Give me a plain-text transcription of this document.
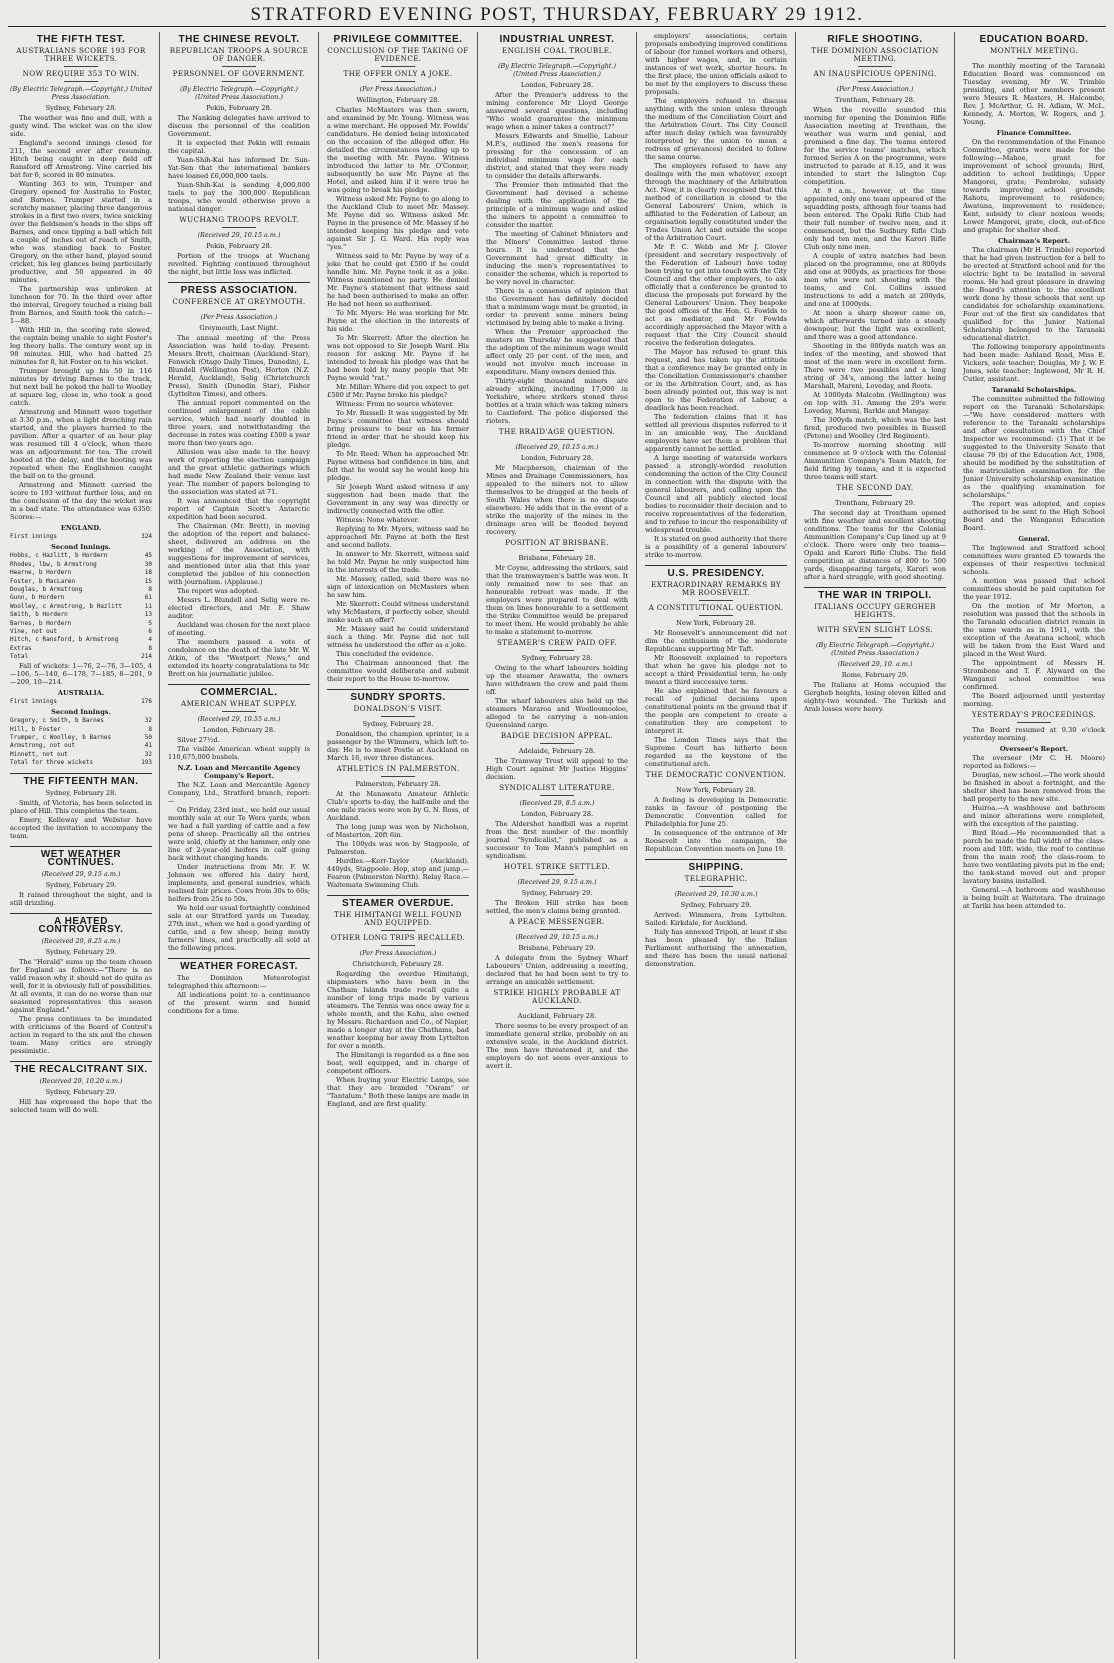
STRATFORD EVENING POST, THURSDAY, FEBRUARY 29 1912.
THE FIFTH TEST.
AUSTRALIANS SCORE 193 FOR THREE WICKETS.
NOW REQUIRE 353 TO WIN.
(By Electric Telegraph.—Copyright.) United Press Association.
Sydney, February 28.

The weather was fine and dull, with a gusty wind. The wicket was on the slow side.

England's second innings closed for 211, the second ever after resuming. Hitch being caught in deep field off Ransford off Armstrong. Vine carried his bat for 6, scored in 80 minutes.

Wanting 363 to win, Trumper and Gregory opened for Australia to Foster, and Barnes. Trumper started in a scratchy manner, placing three dangerous strokes in a first two overs, twice snicking over the fieldsmen's heads in the slips off Barnes, and once tipping a ball which fell a couple of inches out of reach of Smith, who was standing back to Foster. Gregory, on the other hand, played sound cricket, his leg glances being particularly productive, and 50 appeared in 40 minutes.

The partnership was unbroken at luncheon for 70. In the third over after the interval, Gregory touched a rising ball from Barnes, and Smith took the catch:—1—88.

With Hill in, the scoring rate slowed, the captain being unable to sight Foster's leg theory balls. The century went up in 98 minutes. Hill, who had batted 25 minutes for 8, hit Foster on to his wicket.

Trumper brought up his 50 in 116 minutes by driving Barnes to the track, but next ball he poked the ball to Woolley at square leg, close in, who took a good catch.

Armstrong and Minnett were together at 3.30 p.m., when a light drenching rain started, and the players hurried to the pavilion. After a quarter of an hour play was resumed till 4 o'clock, when there was an adjournment for tea. The crowd hooted at the delay, and the hooting was repeated when the Englishmen caught the ball on to the ground.

Armstrong and Minnett carried the score to 193 without further loss, and on the conclusion of the day the wicket was in a bad state. The attendance was 6350. Scores:—

ENGLAND.
First innings	324
Second Innings.
Hobbs, c Hazlitt, b Hordern	45
Rhodes, lbw, b Armstrong	30
Hearne, b Hordern	18
Foster, b MacLaren	15
Douglas, b Armstrong	8
Gunn, b Hordern	61
Woolley, c Armstrong, b Hazlitt	11
Smith, b Hordern	13
Barnes, b Hordern	5
Vine, not out	6
Hitch, c Ransford, b Armstrong	4
Extras	8
Total	214

Fall of wickets: 1—76, 2—76, 3—105, 4—106, 5—140, 6—178, 7—185, 8—201, 9—209, 10—214.

AUSTRALIA.
First innings	176
Second Innings.
Gregory, c Smith, b Barnes	32
Hill, b Foster	8
Trumper, c Woolley, b Barnes	50
Armstrong, not out	41
Minnett, not out	32
Total for three wickets	193
THE FIFTEENTH MAN.
Sydney, February 28.

Smith, of Victoria, has been selected in place of Hill. This completes the team.

Emery, Kelleway and Webster have accepted the invitation to accompany the team.

WET WEATHER CONTINUES.
(Received 29, 9.15 a.m.)
Sydney, February 29.

It rained throughout the night, and is still drizzling.

A HEATED CONTROVERSY.
(Received 29, 8.25 a.m.)
Sydney, February 29.

The "Herald" sums up the team chosen for England as follows:—"There is no valid reason why it should not do quite as well, for it is obviously full of possibilities. At all events, it can do no worse than our seasoned representatives this season against England."

The press continues to be inundated with criticisms of the Board of Control's action in regard to the six and the chosen team. Many critics are strongly pessimistic.

THE RECALCITRANT SIX.
(Received 29, 10.20 a.m.)
Sydney, February 29.

Hill has expressed the hope that the selected team will do well.

THE CHINESE REVOLT.
REPUBLICAN TROOPS A SOURCE OF DANGER.
PERSONNEL OF GOVERNMENT.
(By Electric Telegraph.—Copyright.) (United Press Association.)
Pekin, February 28.

The Nanking delegates have arrived to discuss the personnel of the coalition Government.

It is expected that Pekin will remain the capital.

Yuan-Shih-Kai has informed Dr. Sun-Yat-Sen that the international bankers have loaned £6,000,000 taels.

Yuan-Shih-Kai is sending 4,000,000 taels to pay the 300,000 Republican troops, who would otherwise prove a national danger.

WUCHANG TROOPS REVOLT.
(Received 29, 10.15 a.m.)
Pekin, February 28.

Portion of the troops at Wuchang revolted. Fighting continued throughout the night, but little loss was inflicted.

PRESS ASSOCIATION.
CONFERENCE AT GREYMOUTH.
(Per Press Association.)
Greymouth, Last Night.

The annual meeting of the Press Association was held to-day. Present: Messrs Brett, chairman (Auckland Star), Fenwick (Otago Daily Times, Dunedin), L. Blundell (Wellington Post), Horton (N.Z. Herald, Auckland), Selig (Christchurch Press), Smith (Dunedin Star), Fisher (Lyttelton Times), and others.

The annual report commented on the continued enlargement of the cable service, which had nearly doubled in three years, and notwithstanding the decrease in rates was costing £500 a year more than two years ago.

Allusion was also made to the heavy work of reporting the election campaign and the great athletic gatherings which had made New Zealand their venue last year. The number of papers belonging to the association was stated at 71.

It was announced that the copyright report of Captain Scott's Antarctic expedition had been secured.

The Chairman (Mr. Brett), in moving the adoption of the report and balance-sheet, delivered an address on the working of the Association, with suggestions for improvement of services, and mentioned inter alia that this year completed the jubilee of his connection with journalism. (Applause.)

The report was adopted.

Messrs L. Blundell and Selig were re-elected directors, and Mr. F. Shaw auditor.

Auckland was chosen for the next place of meeting.

The members passed a vote of condolence on the death of the late Mr. W. Atkin, of the "Westport News," and extended its hearty congratulations to Mr. Brett on his journalistic jubilee.

COMMERCIAL.
AMERICAN WHEAT SUPPLY.
(Received 29, 10.55 a.m.)
London, February 28.

Silver 27½d.

The visible American wheat supply is 110,675,000 bushels.

N.Z. Loan and Mercantile Agency Company's Report.

The N.Z. Loan and Mercantile Agency Company, Ltd., Stratford branch, report:—

On Friday, 23rd inst., we held our usual monthly sale at our Te Wera yards, when we had a full yarding of cattle and a few pens of sheep. Practically all the entries were sold, chiefly at the hammer, only one line of 2-year-old heifers in calf going back without changing hands.

Under instructions from Mr. F. W. Johnson we offered his dairy herd, implements, and general sundries, which realised fair prices. Cows from 30s to 60s; heifers from 25s to 50s.

We hold our usual fortnightly combined sale at our Stratford yards on Tuesday, 27th inst., when we had a good yarding of cattle, and a few sheep, being mostly farmers' lines, and practically all sold at the following prices.

WEATHER FORECAST.

The Dominion Meteorologist telegraphed this afternoon:—

All indications point to a continuance of the present warm and humid conditions for a time.

PRIVILEGE COMMITTEE.
CONCLUSION OF THE TAKING OF EVIDENCE.
THE OFFER ONLY A JOKE.
(Per Press Association.)
Wellington, February 28.

Charles McMasters was then sworn, and examined by Mr. Young. Witness was a wine merchant. He opposed Mr. Fowlds' candidature. He denied being intoxicated on the occasion of the alleged offer. He detailed the circumstances leading up to the meeting with Mr. Payne. Witness introduced the latter to Mr. O'Connor, subsequently he saw Mr. Payne at the Hotel, and asked him if it were true he was going to break his pledge.

Witness asked Mr. Payne to go along to the Auckland Club to meet Mr. Massey. Mr. Payne did so. Witness asked Mr. Payne in the presence of Mr. Massey if he intended keeping his pledge and vote against Sir J. G. Ward. His reply was "yes."

Witness said to Mr. Payne by way of a joke that he could get £500 if he could handle him. Mr. Payne took it as a joke. Witness mentioned no party. He denied Mr. Payne's statement that witness said he had been authorised to make an offer. He had not been so authorised.

To Mr. Myers: He was working for Mr. Payne at the election in the interests of his side.

To Mr. Skerrett: After the election he was not opposed to Sir Joseph Ward. His reason for asking Mr. Payne if he intended to break his pledge was that he had been told by many people that Mr. Payne would "rat."

Mr. Millar: Where did you expect to get £500 if Mr. Payne broke his pledge?

Witness: From no source whatever.

To Mr. Russell: It was suggested by Mr. Payne's committee that witness should bring pressure to bear on his former friend in order that he should keep his pledge.

To Mr. Reed: When he approached Mr. Payne witness had confidence in him, and felt that he would say he would keep his pledge.

Sir Joseph Ward asked witness if any suggestion had been made that the Government in any way was directly or indirectly connected with the offer.

Witness: None whatever.

Replying to Mr. Myers, witness said he approached Mr. Payne at both the first and second ballots.

In answer to Mr. Skerrett, witness said he told Mr. Payne he only suspected him in the interests of the trade.

Mr. Massey, called, said there was no sign of intoxication on McMasters when he saw him.

Mr. Skerrett: Could witness understand why McMasters, if perfectly sober, should make such an offer?

Mr. Massey said he could understand such a thing. Mr. Payne did not tell witness he understood the offer as a joke.

This concluded the evidence.

The Chairman announced that the committee would deliberate and submit their report to the House to-morrow.

SUNDRY SPORTS.
DONALDSON'S VISIT.
Sydney, February 28.

Donaldson, the champion sprinter, is a passenger by the Wimmera, which left to-day. He is to meet Postle at Auckland on March 16, over three distances.

ATHLETICS IN PALMERSTON.
Palmerston, February 28.

At the Manawatu Amateur Athletic Club's sports to-day, the half-mile and the one mile races were won by G. N. Ross, of Auckland.

The long jump was won by Nicholson, of Masterton, 20ft 6in.

The 100yds was won by Stagpoole, of Palmerston.

Hurdles.—Kerr-Taylor (Auckland). 440yds, Stagpoole. Hop, step and jump.—Fearon (Palmerston North). Relay Race.—Waitemata Swimming Club.

STEAMER OVERDUE.
THE HIMITANGI WELL FOUND AND EQUIPPED.
OTHER LONG TRIPS RECALLED.
(Per Press Association.)
Christchurch, February 28.

Regarding the overdue Himitangi, shipmasters who have been in the Chatham Islands trade recall quite a number of long trips made by various steamers. The Tennis was once away for a whole month, and the Kahu, also owned by Messrs. Richardson and Co., of Napier, made a longer stay at the Chathams, bad weather keeping her away from Lyttelton for over a month.

The Himitangi is regarded as a fine sea boat, well equipped, and in charge of competent officers.

When buying your Electric Lamps, see that they are branded "Osram" or "Tantalum." Both these lamps are made in England, and are first quality.

INDUSTRIAL UNREST.
ENGLISH COAL TROUBLE.
(By Electric Telegraph.—Copyright.) (United Press Association.)
London, February 28.

After the Premier's address to the mining conference Mr Lloyd George answered several questions, including "Who would guarantee the minimum wage when a miner takes a contract?"

Messrs Edwards and Smellie, Labour M.P.'s, outlined the men's reasons for pressing for the concession of an individual minimum wage for each district, and stated that they were ready to consider the details afterwards.

The Premier then intimated that the Government had devised a scheme dealing with the application of the principle of a minimum wage and asked the miners to appoint a committee to consider the matter.

The meeting of Cabinet Ministers and the Miners' Committee lasted three hours. It is understood that the Government had great difficulty in inducing the men's representatives to consider the scheme, which is reported to be very novel in character.

There is a consensus of opinion that the Government has definitely decided that a minimum wage must be granted, in order to prevent some miners being victimised by being able to make a living.

When the Premier approached the masters on Thursday he suggested that the adoption of the minimum wage would affect only 25 per cent. of the men, and would not involve much increase in expenditure. Many owners denied this.

Thirty-eight thousand miners are already striking, including 17,000 in Yorkshire, where strikers stoned three bottles at a train which was taking miners to Castleford. The police dispersed the rioters.

THE BRAID'AGE QUESTION.
(Received 29, 10.15 a.m.)
London, February 28.

Mr Macpherson, chairman of the Mines and Drainage Commissioners, has appealed to the miners not to allow themselves to be dragged at the heels of South Wales when there is no dispute elsewhere. He adds that in the event of a strike the majority of the mines in the drainage area will be flooded beyond recovery.

POSITION AT BRISBANE.
Brisbane, February 28.

Mr Coyne, addressing the strikers, said that the tramwaymen's battle was won. It only remained now to see that an honourable retreat was made. If the employers were prepared to deal with them on lines honourable to a settlement the Strike Committee would be prepared to meet them. He would probably be able to make a statement to-morrow.

STEAMER'S CREW PAID OFF.
Sydney, February 28.

Owing to the wharf labourers holding up the steamer Arawatta, the owners have withdrawn the crew and paid them off.

The wharf labourers also held up the steamers Mararoa and Woolloomooloo, alleged to be carrying a non-union Queensland cargo.

BADGE DECISION APPEAL.
Adelaide, February 28.

The Tramway Trust will appeal to the High Court against Mr Justice Higgins' decision.

SYNDICALIST LITERATURE.
(Received 29, 8.5 a.m.)
London, February 28.

The Aldershot handbill was a reprint from the first number of the monthly journal "Syndicalist," published as a successor to Tom Mann's pamphlet on syndicalism.

HOTEL STRIKE SETTLED.
(Received 29, 9.15 a.m.)
Sydney, February 29.

The Broken Hill strike has been settled, the men's claims being granted.

A PEACE MESSENGER.
(Received 29, 10.15 a.m.)
Brisbane, February 29.

A delegate from the Sydney Wharf Labourers' Union, addressing a meeting, declared that he had been sent to try to arrange an amicable settlement.

STRIKE HIGHLY PROBABLE AT AUCKLAND.
Auckland, February 28.

There seems to be every prospect of an immediate general strike, probably on an extensive scale, in the Auckland district. The men have threatened it, and the employers do not seem over-anxious to avert it.

employers' associations, certain proposals embodying improved conditions of labour (for tunnel workers and others), with higher wages, and, in certain instances of wet work, shorter hours. In the first place, the union officials asked to be met by the employers to discuss these proposals.

The employers refused to discuss anything with the union unless through the medium of the Conciliation Court and the Arbitration Court. The City Council after much delay (which was favourably interpreted by the union to mean a redress of grievances) decided to follow the same course.

The employers refused to have any dealings with the men whatever, except through the machinery of the Arbitration Act. Now, it is clearly recognised that this method of conciliation is closed to the General Labourers' Union, which is affiliated to the Federation of Labour, an organisation legally constituted under the Trades Union Act and outside the scope of the Arbitration Court.

Mr P. C. Webb and Mr J. Glover (president and secretary respectively of the Federation of Labour) have today been trying to get into touch with the City Council and the other employers, to ask officially that a conference be granted to discuss the proposals put forward by the General Labourers' Union. They bespoke the good offices of the Hon. G. Fowlds to act as mediator, and Mr Fowlds accordingly approached the Mayor with a request that the City Council should receive the federation delegates.

The Mayor has refused to grant this request, and has taken up the attitude that a conference may be granted only in the Conciliation Commissioner's chamber or in the Arbitration Court, and, as has been already pointed out, this way is not open to the Federation of Labour, a deadlock has been reached.

The federation claims that it has settled all previous disputes referred to it in an amicable way. The Auckland employers have set them a problem that apparently cannot be settled.

A large meeting of waterside workers passed a strongly-worded resolution condemning the action of the City Council in connection with the dispute with the general labourers, and calling upon the Council and all publicly elected local bodies to reconsider their decision and to receive representatives of the federation, and to refuse to incur the responsibility of widespread trouble.

It is stated on good authority that there is a possibility of a general labourers' strike to-morrow.

U.S. PRESIDENCY.
EXTRAORDINARY REMARKS BY MR ROOSEVELT.
A CONSTITUTIONAL QUESTION.
New York, February 28.

Mr Roosevelt's announcement did not dim the enthusiasm of the moderate Republicans supporting Mr Taft.

Mr Roosevelt explained to reporters that when he gave his pledge not to accept a third Presidential term, he only meant a third successive term.

He also explained that he favours a recall of judicial decisions upon constitutional points on the ground that if the people are competent to create a constitution they are competent to interpret it.

The London Times says that the Supreme Court has hitherto been regarded as the keystone of the constitutional arch.

THE DEMOCRATIC CONVENTION.
New York, February 28.

A feeling is developing in Democratic ranks in favour of postponing the Democratic Convention called for Philadelphia for June 25.

In consequence of the entrance of Mr Roosevelt into the campaign, the Republican Convention meets on June 19.

SHIPPING.
TELEGRAPHIC.
(Received 29, 10.30 a.m.)
Sydney, February 29.

Arrived: Wimmera, from Lyttelton. Sailed: Kirkdale, for Auckland.

Italy has annexed Tripoli, at least if she has been pleased by the Italian Parliament authorising the annexation, and there has been the usual national demonstration.

RIFLE SHOOTING.
THE DOMINION ASSOCIATION MEETING.
AN INAUSPICIOUS OPENING.
(Per Press Association.)
Trentham, February 28.

When the reveille sounded this morning for opening the Dominion Rifle Association meeting at Trentham, the weather was warm and genial, and promised a fine day. The teams entered for the service teams' matches, which formed Series A on the programme, were instructed to parade at 8.15, and it was intended to start the Islington Cup competition.

At 9 a.m., however, at the time appointed, only one team appeared of the squadding posts, although four teams had been entered. The Opaki Rifle Club had their full number of twelve men, and it commenced, but the Sudbury Rifle Club only had ten men, and the Karori Rifle Club only nine men.

A couple of extra matches had been placed on the programme, one at 800yds and one at 900yds, as practices for those men who were not shooting with the teams, and Col. Collins issued instructions to add a match at 200yds, and one at 1000yds.

At noon a sharp shower came on, which afterwards turned into a steady downpour, but the light was excellent, and there was a good attendance.

Shooting in the 800yds match was an index of the meeting, and showed that most of the men were in excellent form. There were two possibles and a long string of 34's, among the latter being Marshall, Mareni, Loveday, and Roots.

At 1000yds Malcolm (Wellington) was on top with 31. Among the 29's were Loveday, Mareni, Barkle and Mangay.

The 300yds match, which was the last fired, produced two possibles in Russell (Petone) and Woolley (3rd Regiment).

To-morrow morning shooting will commence at 9 o'clock with the Colonial Ammunition Company's Team Match, for field firing by teams, and it is expected three teams will start.

THE SECOND DAY.
Trentham, February 29.

The second day at Trentham opened with fine weather and excellent shooting conditions. The teams for the Colonial Ammunition Company's Cup lined up at 9 o'clock. There were only two teams—Opaki and Karori Rifle Clubs. The field competition at distances of 800 to 500 yards, disappearing targets, Karori won after a hard struggle, with good shooting.

THE WAR IN TRIPOLI.
ITALIANS OCCUPY GERGHEB HEIGHTS.
WITH SEVEN SLIGHT LOSS.
(By Electric Telegraph.—Copyright.) (United Press Association.)
(Received 29, 10. a.m.)
Rome, February 29.

The Italians at Homs occupied the Gergheb heights, losing eleven killed and eighty-two wounded. The Turkish and Arab losses were heavy.

EDUCATION BOARD.
MONTHLY MEETING.

The monthly meeting of the Taranaki Education Board was commenced on Tuesday evening, Mr W. Trimble presiding, and other members present were Messrs R. Masters, H. Halcombe, Rev. J. McArthur, G. H. Adlam, W. McL. Kennedy, A. Morton, W. Rogers, and J. Young.

Finance Committee.

On the recommendation of the Finance Committee, grants were made for the following:—Mahoe, grant for improvement of school grounds; Bird, addition to school buildings; Upper Mangorei, grate; Pembroke, subsidy towards improving school grounds; Rahotu, improvement to residence; Awatuna, improvement to residence; Kent, subsidy to clear noxious weeds; Lower Mangorei, grate, clock, out-of-fice and graphic for shelter shed.

Chairman's Report.

The chairman (Mr H. Trimble) reported that he had given instruction for a bell to be erected at Stratford school and for the electric light to be installed in several rooms. He had great pleasure in drawing the Board's attention to the excellent work done by those schools that sent up candidates for scholarship examinations. Four out of the first six candidates that qualified for the Junior National Scholarship belonged to the Taranaki educational district.

The following temporary appointments had been made: Ashland Road, Miss E. Vickers, sole teacher; Douglas, Mr J. W. F. Jones, sole teacher; Inglewood, Mr R. H. Cutler, assistant.

Taranaki Scholarships.

The committee submitted the following report on the Taranaki Scholarships:—"We have considered matters with reference to the Taranaki scholarships and after consultation with the Chief Inspector we recommend: (1) That it be suggested to the University Senate that clause 79 (b) of the Education Act, 1908, should be modified by the substitution of the matriculation examination for the Junior University scholarship examination as the qualifying examination for scholarships."

The report was adopted, and copies authorised to be sent to the High School Board and the Wanganui Education Board.

General.

The Inglewood and Stratford school committees were granted £5 towards the expenses of their respective technical schools.

A motion was passed that school committees should be paid capitation for the year 1912.

On the motion of Mr Morton, a resolution was passed that the schools in the Taranaki education district remain in the same wards as in 1911, with the exception of the Awatuna school, which will be taken from the East Ward and placed in the West Ward.

The appointment of Messrs H. Strombone and T. F. Alyward on the Wanganui school committee was confirmed.

The Board adjourned until yesterday morning.

YESTERDAY'S PROCEEDINGS.

The Board resumed at 9.30 o'clock yesterday morning.

Overseer's Report.

The overseer (Mr C. H. Moore) reported as follows:—

Douglas, new school.—The work should be finished in about a fortnight, and the shelter shed has been removed from the hall property to the new site.

Huiroa.—A washhouse and bathroom and minor alterations were completed, with the exception of the painting.

Bird Road.—He recommended that a porch be made the full width of the class-room and 10ft. wide, the roof to continue from the main roof; the class-room to have two ventilating pivots put in the end; the tank-stand moved out and proper lavatory basins installed.

General.—A bathroom and washhouse is being built at Waitotara. The drainage at Tariki has been attended to.
